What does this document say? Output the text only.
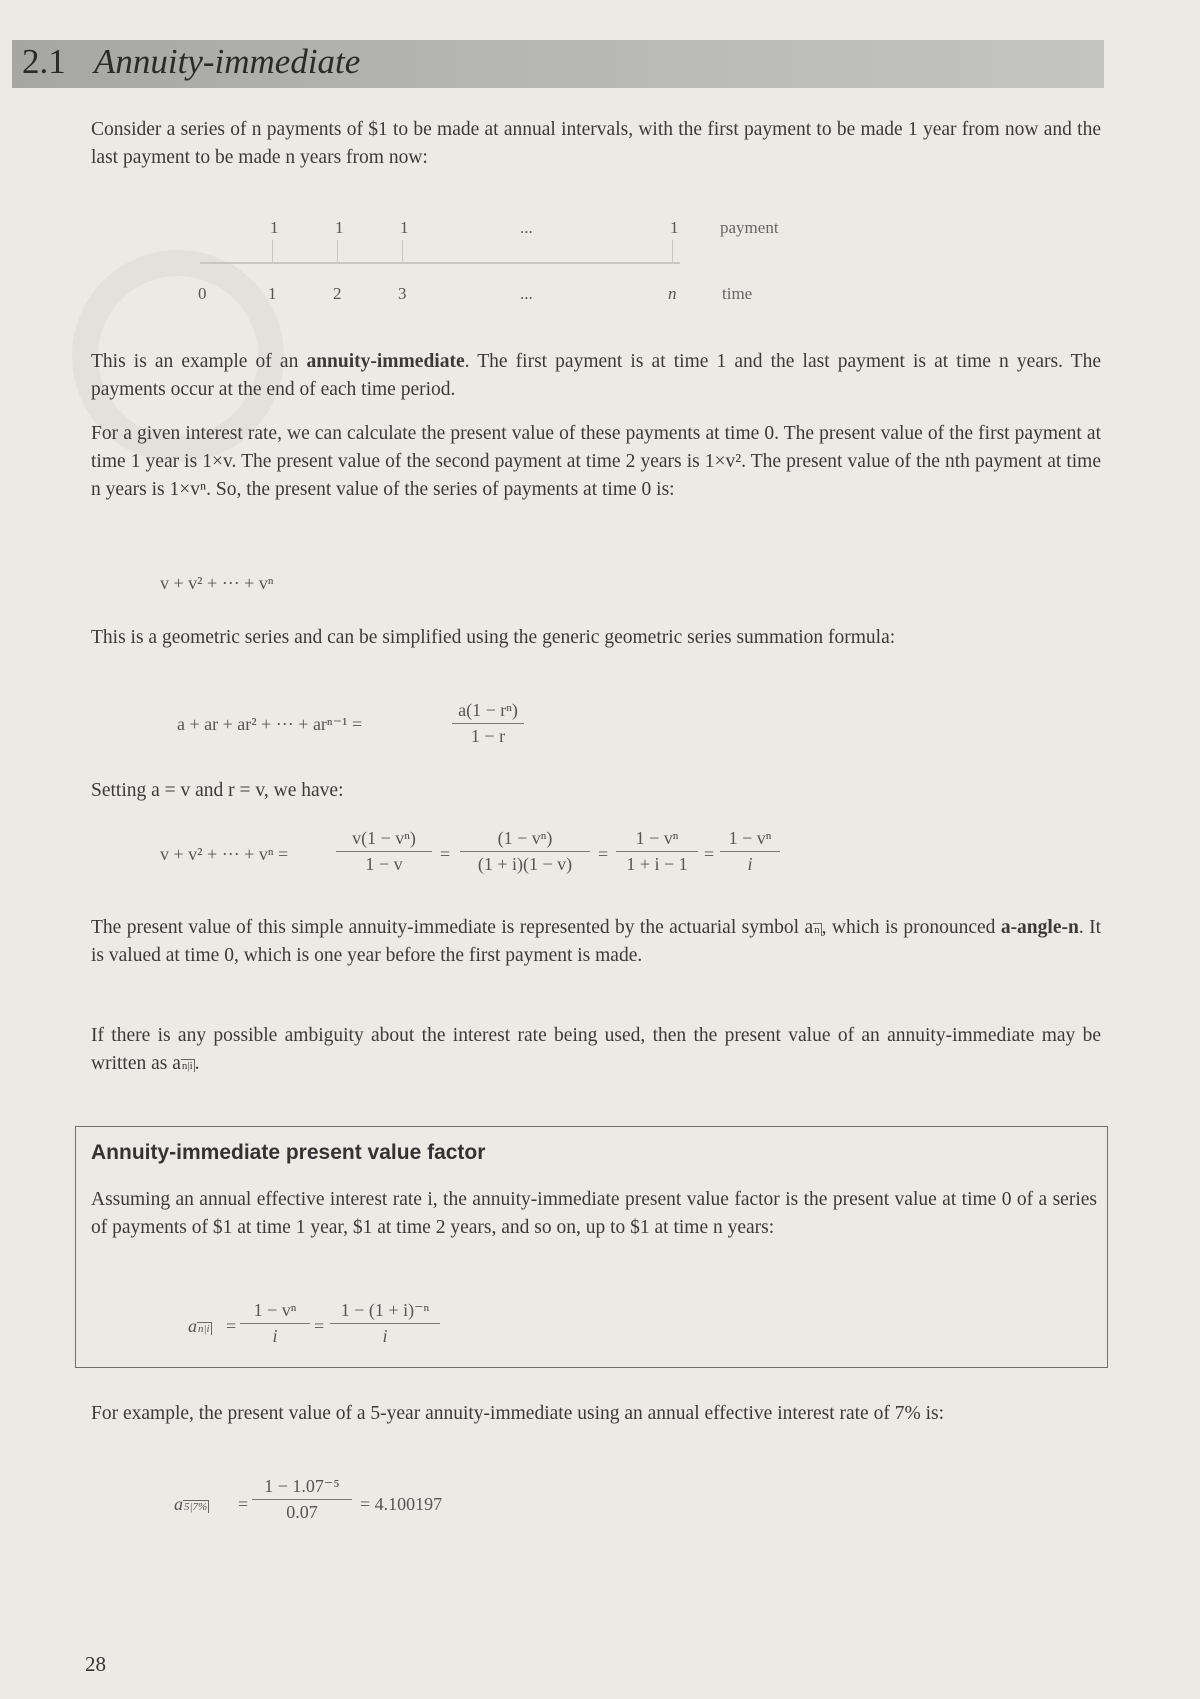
2.1 Annuity-immediate

Consider a series of n payments of $1 to be made at annual intervals, with the first payment to be made 1 year from now and the last payment to be made n years from now:

1	1	1	...	1 payment
0	1	2	3	...	n	time

This is an example of an annuity-immediate. The first payment is at time 1 and the last payment is at time n years. The payments occur at the end of each time period.

For a given interest rate, we can calculate the present value of these payments at time 0. The present value of the first payment at time 1 year is 1×v. The present value of the second payment at time 2 years is 1×v². The present value of the nth payment at time n years is 1×vⁿ. So, the present value of the series of payments at time 0 is:

v + v² + ··· + vⁿ

This is a geometric series and can be simplified using the generic geometric series summation formula:

a + ar + ar² + ··· + arⁿ⁻¹ =
a(1 − rⁿ)
1 − r

Setting a = v and r = v, we have:

v + v² + ··· + vⁿ =
v(1 − vⁿ)
1 − v	=
(1 − vⁿ)
(1 + i)(1 − v)	=
1 − vⁿ
1 + i − 1 =
1 − vⁿ
i

The present value of this simple annuity-immediate is represented by the actuarial symbol an , which is pronounced a-angle-n. It is valued at time 0, which is one year before the first payment is made.

If there is any possible ambiguity about the interest rate being used, then the present value of an annuity-immediate may be written as an|i .

Annuity-immediate present value factor

Assuming an annual effective interest rate i, the annuity-immediate present value factor is the present value at time 0 of a series of payments of $1 at time 1 year, $1 at time 2 years, and so on, up to $1 at time n years:

an|i =
1 − vⁿ
i	=
1 − (1 + i)⁻ⁿ
i

For example, the present value of a 5-year annuity-immediate using an annual effective interest rate of 7% is:

a5|7% =
1 − 1.07⁻⁵
0.07	= 4.100197
28
